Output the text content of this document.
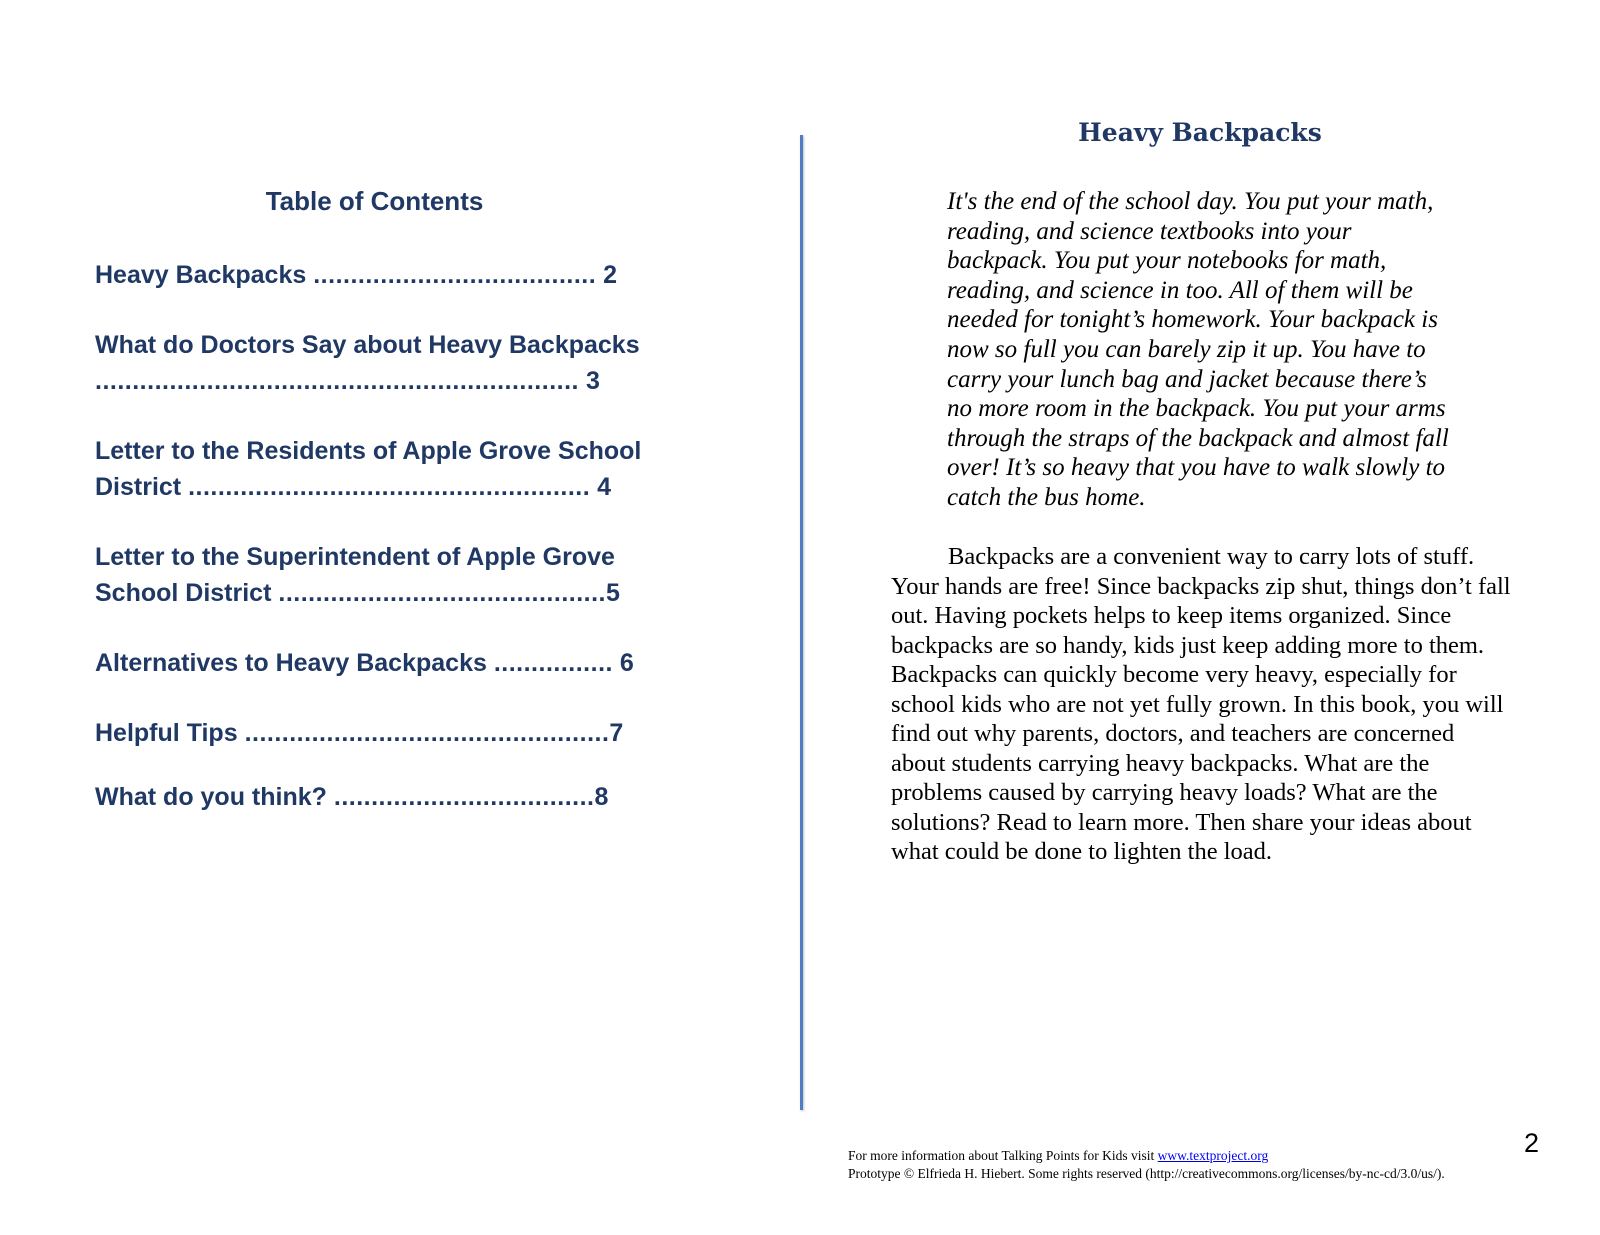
Table of Contents

Heavy Backpacks ...................................... 2

What do Doctors Say about Heavy Backpacks
................................................................. 3

Letter to the Residents of Apple Grove School District ...................................................... 4

Letter to the Superintendent of Apple Grove School District ............................................5

Alternatives to Heavy Backpacks ................ 6

Helpful Tips .................................................7

What do you think? ...................................8

Heavy Backpacks

It's the end of the school day. You put your math, reading, and science textbooks into your backpack. You put your notebooks for math, reading, and science in too. All of them will be needed for tonight’s homework. Your backpack is now so full you can barely zip it up. You have to carry your lunch bag and jacket because there’s no more room in the backpack. You put your arms through the straps of the backpack and almost fall over! It’s so heavy that you have to walk slowly to catch the bus home.

Backpacks are a convenient way to carry lots of stuff. Your hands are free! Since backpacks zip shut, things don’t fall out. Having pockets helps to keep items organized. Since backpacks are so handy, kids just keep adding more to them. Backpacks can quickly become very heavy, especially for school kids who are not yet fully grown. In this book, you will find out why parents, doctors, and teachers are concerned about students carrying heavy backpacks. What are the problems caused by carrying heavy loads? What are the solutions? Read to learn more. Then share your ideas about what could be done to lighten the load.

For more information about Talking Points for Kids visit www.textproject.org
Prototype © Elfrieda H. Hiebert. Some rights reserved (http://creativecommons.org/licenses/by-nc-cd/3.0/us/).
2
